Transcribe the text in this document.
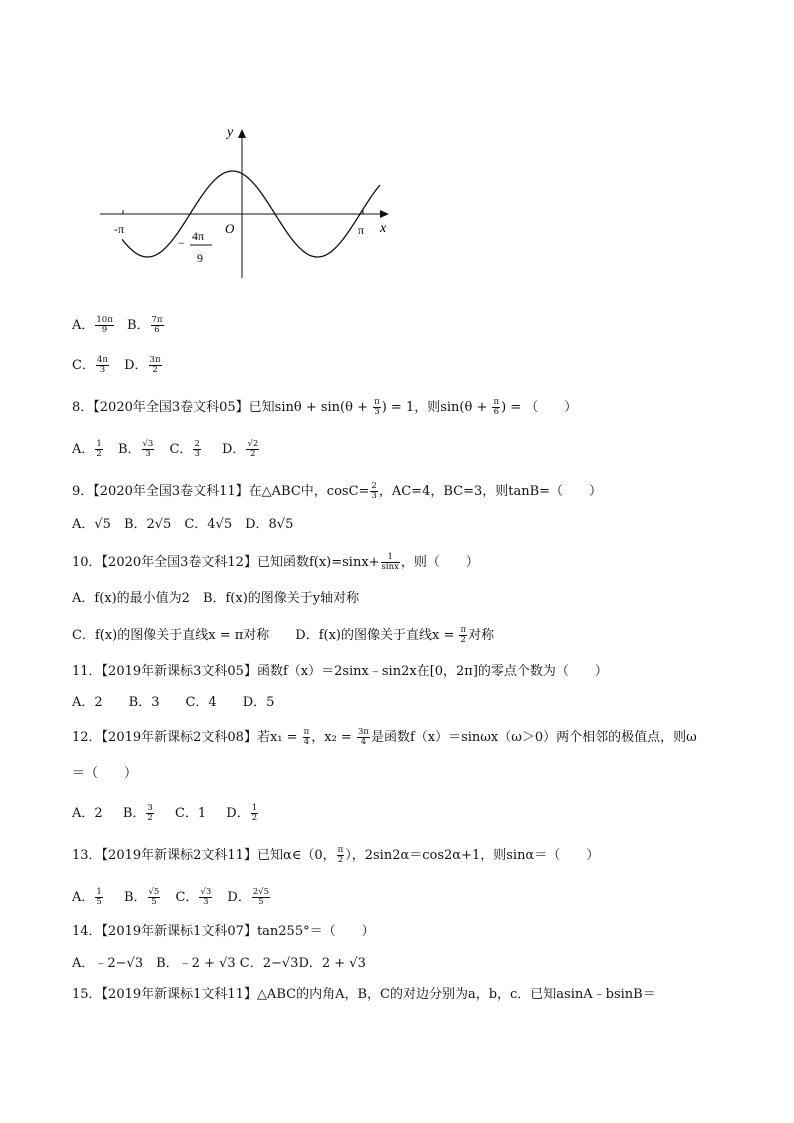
y
x
O
-π	π
− 4π
9
A． $\frac{10\pi}{9}$ B． $\frac{7\pi}{6}$
C． $\frac{4\pi}{3}$ D． $\frac{3\pi}{2}$
8．【2020年全国3卷文科05】已知$\sin\theta + \sin(\theta + \frac{\pi}{3}$ ) = 1，则$\sin(\theta + \frac{\pi}{6}$ ) = （　　）
A． $\frac{1}{2}$ B． $\frac{√3}{3}$ C． $\frac{2}{3}$ D． $\frac{√2}{2}$
9．【2020年全国3卷文科11】在△ABC中，$\cos C= \frac{2}{3}$ ，AC=4，BC=3，则tanB=（　　）
A．√5　B．2√5　C．4√5　D．8√5
10．【2020年全国3卷文科12】已知函数$f(x)=\sin x+ \frac{1}{\sin x}$ ，则（　　）
A．f(x)的最小值为2　B．f(x)的图像关于y轴对称
C．f(x)的图像关于直线x = π对称　　D．f(x)的图像关于直线$x = \frac{\pi}{2}$ 对称
11．【2019年新课标3文科05】函数f（x）＝2sinx﹣sin2x在[0，2π]的零点个数为（　　）
A．2　　B．3　　C．4　　D．5
12．【2019年新课标2文科08】若$x_1 = \frac{\pi}{4}$ ，$x_2 = \frac{3\pi}{4}$ 是函数f（x）＝sinωx（ω＞0）两个相邻的极值点，则ω
＝（　　）
A．2 B． $\frac{3}{2}$ C．1 D． $\frac{1}{2}$
13．【2019年新课标2文科11】已知α∈（0， $\frac{\pi}{2}$ ），2sin2α＝cos2α+1，则sinα＝（　　）
A． $\frac{1}{5}$ B． $\frac{√5}{5}$ C． $\frac{√3}{3}$ D． $\frac{2√5}{5}$
14．【2019年新课标1文科07】tan255°＝（　　）
A．﹣2−√3　B．﹣2 + √3 C．2−√3D．2 + √3
15．【2019年新课标1文科11】△ABC的内角A，B，C的对边分别为a，b，c．已知asinA﹣bsinB＝
